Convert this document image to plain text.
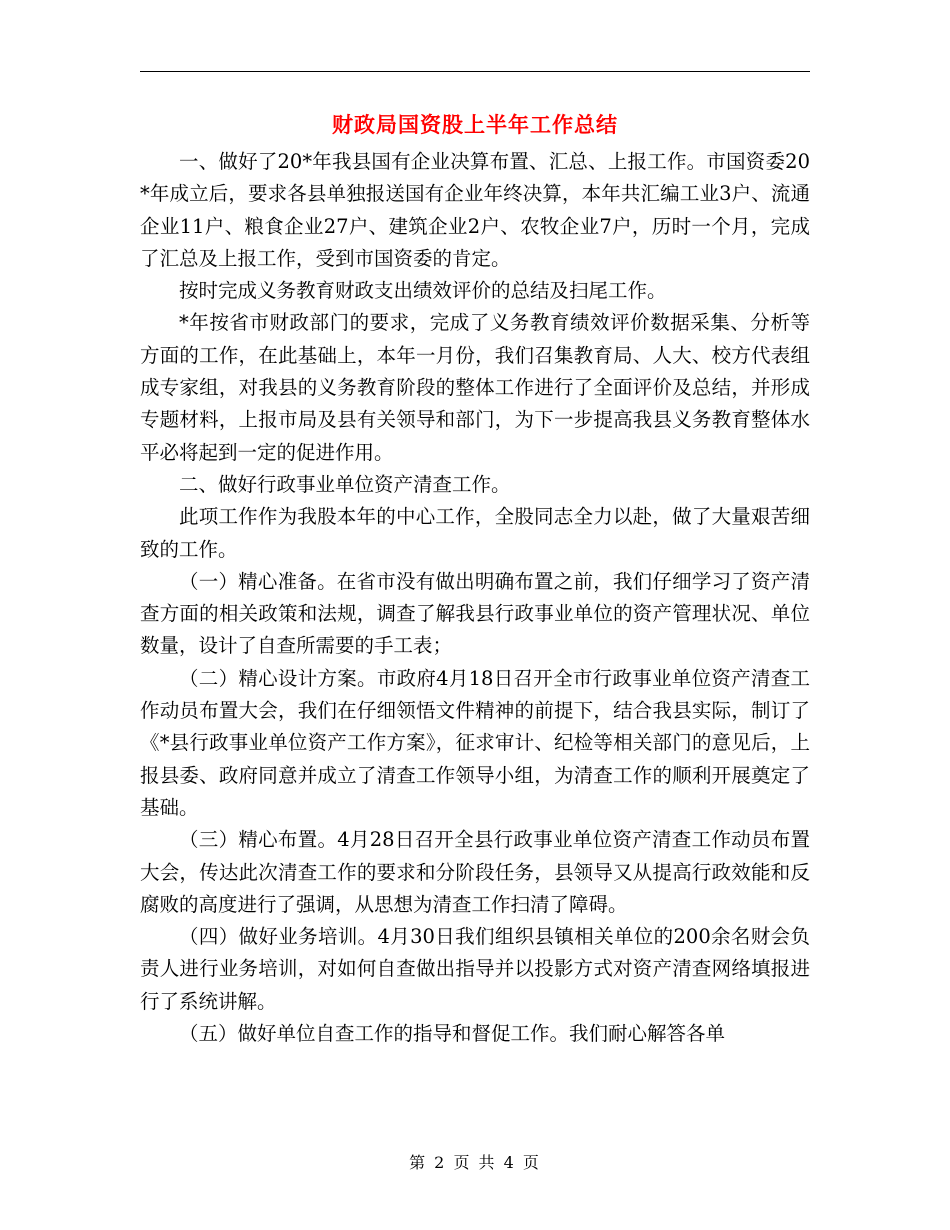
财政局国资股上半年工作总结

一、做好了20*年我县国有企业决算布置、汇总、上报工作。市国资委20*年成立后，要求各县单独报送国有企业年终决算，本年共汇编工业3户、流通企业11户、粮食企业27户、建筑企业2户、农牧企业7户，历时一个月，完成了汇总及上报工作，受到市国资委的肯定。

按时完成义务教育财政支出绩效评价的总结及扫尾工作。

*年按省市财政部门的要求，完成了义务教育绩效评价数据采集、分析等方面的工作，在此基础上，本年一月份，我们召集教育局、人大、校方代表组成专家组，对我县的义务教育阶段的整体工作进行了全面评价及总结，并形成专题材料，上报市局及县有关领导和部门，为下一步提高我县义务教育整体水平必将起到一定的促进作用。

二、做好行政事业单位资产清查工作。

此项工作作为我股本年的中心工作，全股同志全力以赴，做了大量艰苦细致的工作。

（一）精心准备。在省市没有做出明确布置之前，我们仔细学习了资产清查方面的相关政策和法规，调查了解我县行政事业单位的资产管理状况、单位数量，设计了自查所需要的手工表；

（二）精心设计方案。市政府4月18日召开全市行政事业单位资产清查工作动员布置大会，我们在仔细领悟文件精神的前提下，结合我县实际，制订了《*县行政事业单位资产工作方案》，征求审计、纪检等相关部门的意见后，上报县委、政府同意并成立了清查工作领导小组，为清查工作的顺利开展奠定了基础。

（三）精心布置。4月28日召开全县行政事业单位资产清查工作动员布置大会，传达此次清查工作的要求和分阶段任务，县领导又从提高行政效能和反腐败的高度进行了强调，从思想为清查工作扫清了障碍。

（四）做好业务培训。4月30日我们组织县镇相关单位的200余名财会负责人进行业务培训，对如何自查做出指导并以投影方式对资产清查网络填报进行了系统讲解。

（五）做好单位自查工作的指导和督促工作。我们耐心解答各单

第 2 页 共 4 页
